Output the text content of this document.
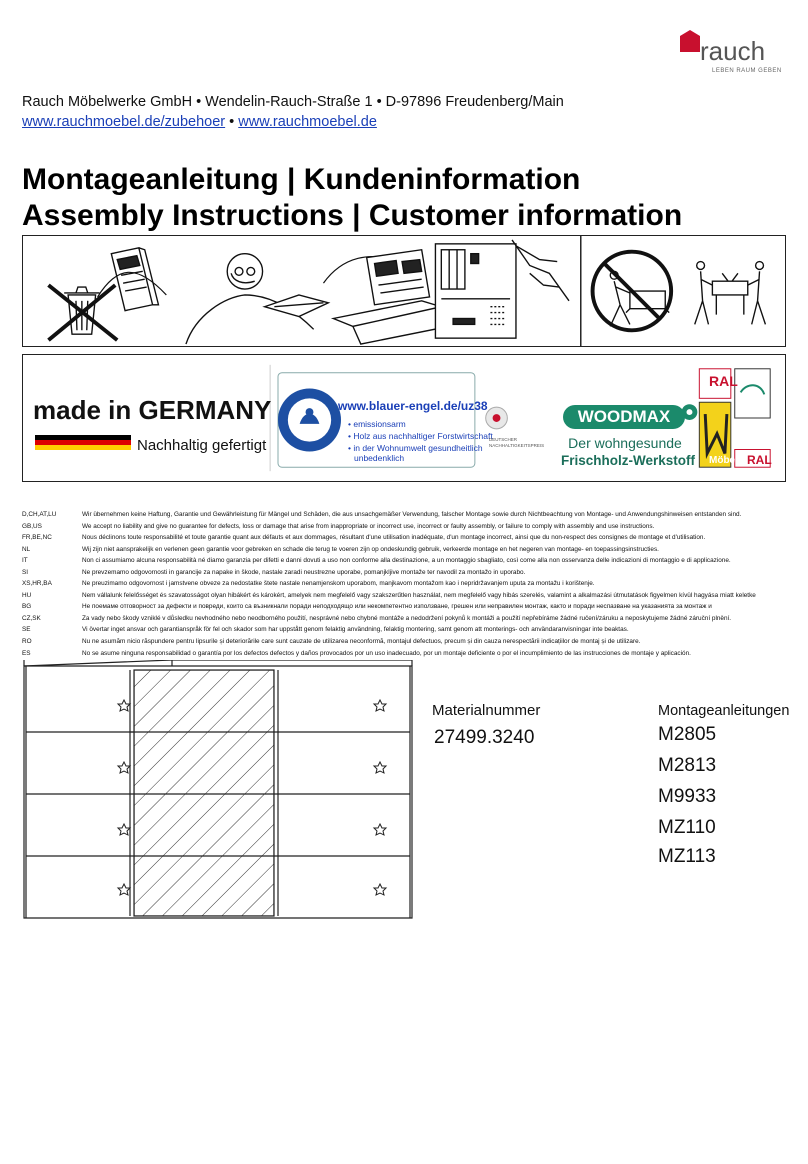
rauch
LEBEN RAUM GEBEN
Rauch Möbelwerke GmbH • Wendelin-Rauch-Straße 1 • D-97896 Freudenberg/Main
www.rauchmoebel.de/zubehoer • www.rauchmoebel.de
Montageanleitung | Kundeninformation
Assembly Instructions | Customer information
made in GERMANY
Nachhaltig gefertigt
www.blauer-engel.de/uz38
• emissionsarm
• Holz aus nachhaltiger Forstwirtschaft
• in der Wohnumwelt gesundheitlich
unbedenklich
DEUTSCHER
NACHHALTIGKEITSPREIS
WOODMAX
Der wohngesunde
Frischholz-Werkstoff
RAL
Möbel RAL
D,CH,AT,LU	Wir übernehmen keine Haftung, Garantie und Gewährleistung für Mängel und Schäden, die aus unsachgemäßer Verwendung, falscher Montage sowie durch Nichtbeachtung von Montage- und Anwendungshinweisen entstanden sind.
GB,US	We accept no liability and give no guarantee for defects, loss or damage that arise from inappropriate or incorrect use, incorrect or faulty assembly, or failure to comply with assembly and use instructions.
FR,BE,NC	Nous déclinons toute responsabilité et toute garantie quant aux défauts et aux dommages, résultant d'une utilisation inadéquate, d'un montage incorrect, ainsi que du non-respect des consignes de montage et d'utilisation.
NL	Wij zijn niet aansprakelijk en verlenen geen garantie voor gebreken en schade die terug te voeren zijn op ondeskundig gebruik, verkeerde montage en het negeren van montage- en toepassingsinstructies.
IT	Non ci assumiamo alcuna responsabilità né diamo garanzia per difetti e danni dovuti a uso non conforme alla destinazione, a un montaggio sbagliato, così come alla non osservanza delle indicazioni di montaggio e di applicazione.
SI	Ne prevzemamo odgovornosti in garancije za napake in škode, nastale zaradi neustrezne uporabe, pomanjkljive montaže ter navodil za montažo in uporabo.
XS,HR,BA	Ne preuzimamo odgovornost i jamstvene obveze za nedostatke štete nastale nenamjenskom uporabom, manjkavom montažom kao i nepridržavanjem uputa za montažu i korištenje.
HU	Nem vállalunk felelősséget és szavatosságot olyan hibákért és károkért, amelyek nem megfelelő vagy szakszerűtlen használat, nem megfelelő vagy hibás szerelés, valamint a alkalmazási útmutatások figyelmen kívül hagyása miatt keletke
BG	Не поемаме отговорност за дефекти и повреди, които са възникнали поради неподходящо или некомпетентно използване, грешен или неправилен монтаж, както и поради неспазване на указанията за монтаж и
CZ,SK	Za vady nebo škody vzniklé v důsledku nevhodného nebo neodborného použití, nesprávné nebo chybné montáže a nedodržení pokynů k montáži a použití nepřebíráme žádné ručení/záruku a neposkytujeme žádné záruční plnění.
SE	Vi övertar inget ansvar och garantianspråk för fel och skador som har uppstått genom felaktig användning, felaktig montering, samt genom att monterings- och användaranvisningar inte beaktas.
RO	Nu ne asumăm nicio răspundere pentru lipsurile și deteriorările care sunt cauzate de utilizarea neconformă, montajul defectuos, precum și din cauza nerespectării indicațiilor de montaj și de utilizare.
ES	No se asume ninguna responsabilidad o garantía por los defectos defectos y daños provocados por un uso inadecuado, por un montaje deficiente o por el incumplimiento de las instrucciones de montaje y aplicación.
Materialnummer
27499.3240
Montageanleitungen
M2805
M2813
M9933
MZ110
MZ113
